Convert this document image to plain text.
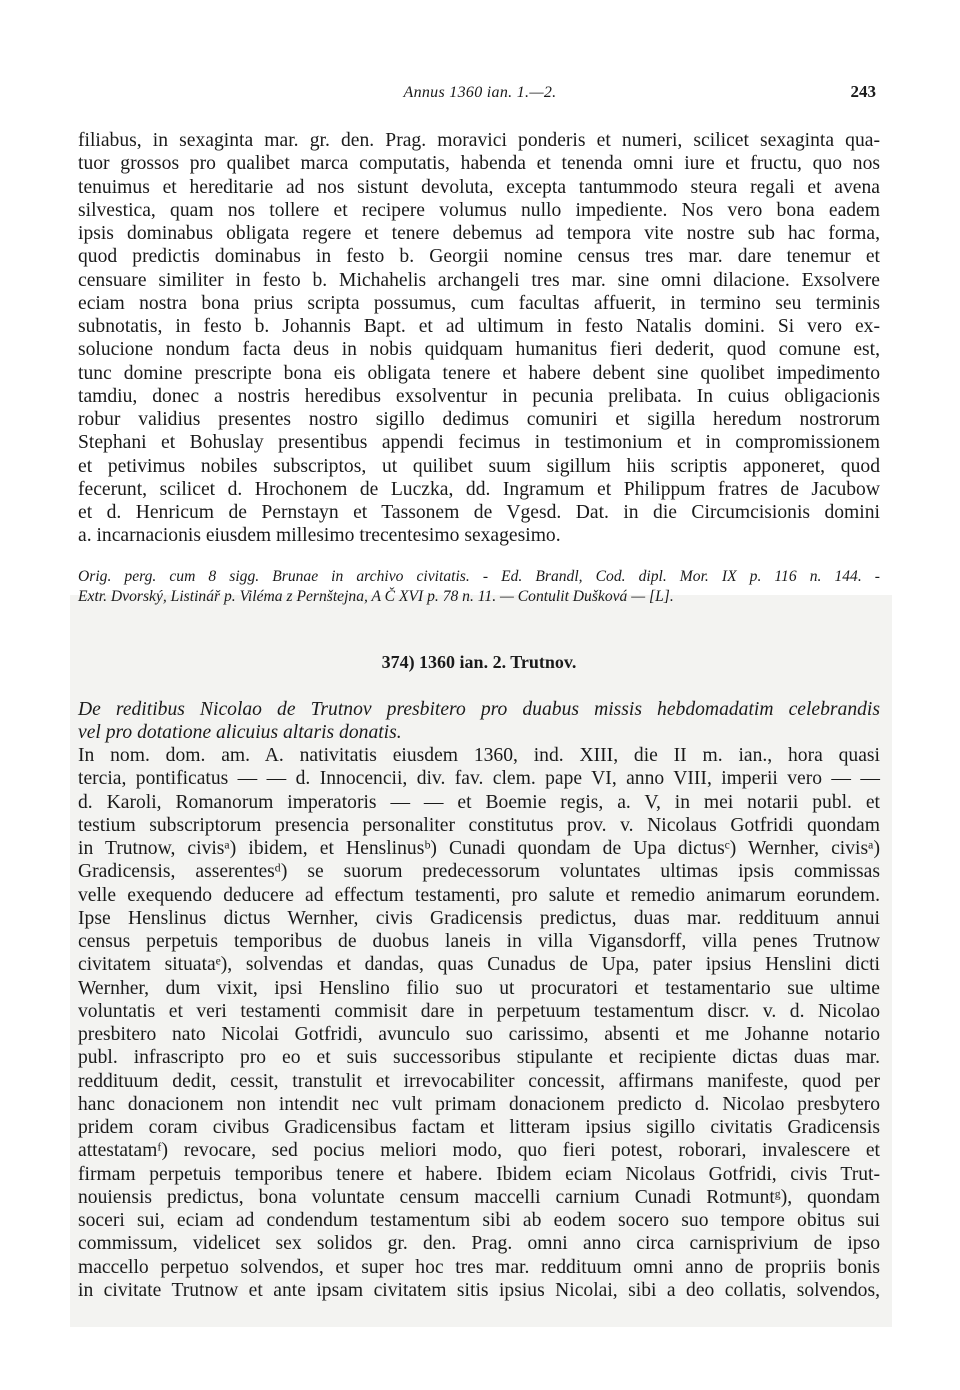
Annus 1360 ian. 1.—2.	243
filiabus, in sexaginta mar. gr. den. Prag. moravici ponderis et numeri, scilicet sexaginta qua-
tuor grossos pro qualibet marca computatis, habenda et tenenda omni iure et fructu, quo nos
tenuimus et hereditarie ad nos sistunt devoluta, excepta tantummodo steura regali et avena
silvestica, quam nos tollere et recipere volumus nullo impediente. Nos vero bona eadem
ipsis dominabus obligata regere et tenere debemus ad tempora vite nostre sub hac forma,
quod predictis dominabus in festo b. Georgii nomine census tres mar. dare tenemur et
censuare similiter in festo b. Michahelis archangeli tres mar. sine omni dilacione. Exsolvere
eciam nostra bona prius scripta possumus, cum facultas affuerit, in termino seu terminis
subnotatis, in festo b. Johannis Bapt. et ad ultimum in festo Natalis domini. Si vero ex-
solucione nondum facta deus in nobis quidquam humanitus fieri dederit, quod comune est,
tunc domine prescripte bona eis obligata tenere et habere debent sine quolibet impedimento
tamdiu, donec a nostris heredibus exsolventur in pecunia prelibata. In cuius obligacionis
robur validius presentes nostro sigillo dedimus comuniri et sigilla heredum nostrorum
Stephani et Bohuslay presentibus appendi fecimus in testimonium et in compromissionem
et petivimus nobiles subscriptos, ut quilibet suum sigillum hiis scriptis apponeret, quod
fecerunt, scilicet d. Hrochonem de Luczka, dd. Ingramum et Philippum fratres de Jacubow
et d. Henricum de Pernstayn et Tassonem de Vgesd. Dat. in die Circumcisionis domini
a. incarnacionis eiusdem millesimo trecentesimo sexagesimo.
Orig. perg. cum 8 sigg. Brunae in archivo civitatis. - Ed. Brandl, Cod. dipl. Mor. IX p. 116 n. 144. -
Extr. Dvorský, Listinář p. Viléma z Pernštejna, A Č XVI p. 78 n. 11. — Contulit Dušková — [L].
374) 1360 ian. 2. Trutnov.
De reditibus Nicolao de Trutnov presbitero pro duabus missis hebdomadatim celebrandis
vel pro dotatione alicuius altaris donatis.
In nom. dom. am. A. nativitatis eiusdem 1360, ind. XIII, die II m. ian., hora quasi
tercia, pontificatus — — d. Innocencii, div. fav. clem. pape VI, anno VIII, imperii vero — —
d. Karoli, Romanorum imperatoris — — et Boemie regis, a. V, in mei notarii publ. et
testium subscriptorum presencia personaliter constitutus prov. v. Nicolaus Gotfridi quondam
in Trutnow, civisᵃ) ibidem, et Henslinusᵇ) Cunadi quondam de Upa dictusᶜ) Wernher, civisᵃ)
Gradicensis, asserentesᵈ) se suorum predecessorum voluntates ultimas ipsis commissas
velle exequendo deducere ad effectum testamenti, pro salute et remedio animarum eorundem.
Ipse Henslinus dictus Wernher, civis Gradicensis predictus, duas mar. reddituum annui
census perpetuis temporibus de duobus laneis in villa Vigansdorff, villa penes Trutnow
civitatem situataᵉ), solvendas et dandas, quas Cunadus de Upa, pater ipsius Henslini dicti
Wernher, dum vixit, ipsi Henslino filio suo ut procuratori et testamentario sue ultime
voluntatis et veri testamenti commisit dare in perpetuum testamentum discr. v. d. Nicolao
presbitero nato Nicolai Gotfridi, avunculo suo carissimo, absenti et me Johanne notario
publ. infrascripto pro eo et suis successoribus stipulante et recipiente dictas duas mar.
reddituum dedit, cessit, transtulit et irrevocabiliter concessit, affirmans manifeste, quod per
hanc donacionem non intendit nec vult primam donacionem predicto d. Nicolao presbytero
pridem coram civibus Gradicensibus factam et litteram ipsius sigillo civitatis Gradicensis
attestatamᶠ) revocare, sed pocius meliori modo, quo fieri potest, roborari, invalescere et
firmam perpetuis temporibus tenere et habere. Ibidem eciam Nicolaus Gotfridi, civis Trut-
nouiensis predictus, bona voluntate censum maccelli carnium Cunadi Rotmuntᵍ), quondam
soceri sui, eciam ad condendum testamentum sibi ab eodem socero suo tempore obitus sui
commissum, videlicet sex solidos gr. den. Prag. omni anno circa carnisprivium de ipso
maccello perpetuo solvendos, et super hoc tres mar. reddituum omni anno de propriis bonis
in civitate Trutnow et ante ipsam civitatem sitis ipsius Nicolai, sibi a deo collatis, solvendos,
